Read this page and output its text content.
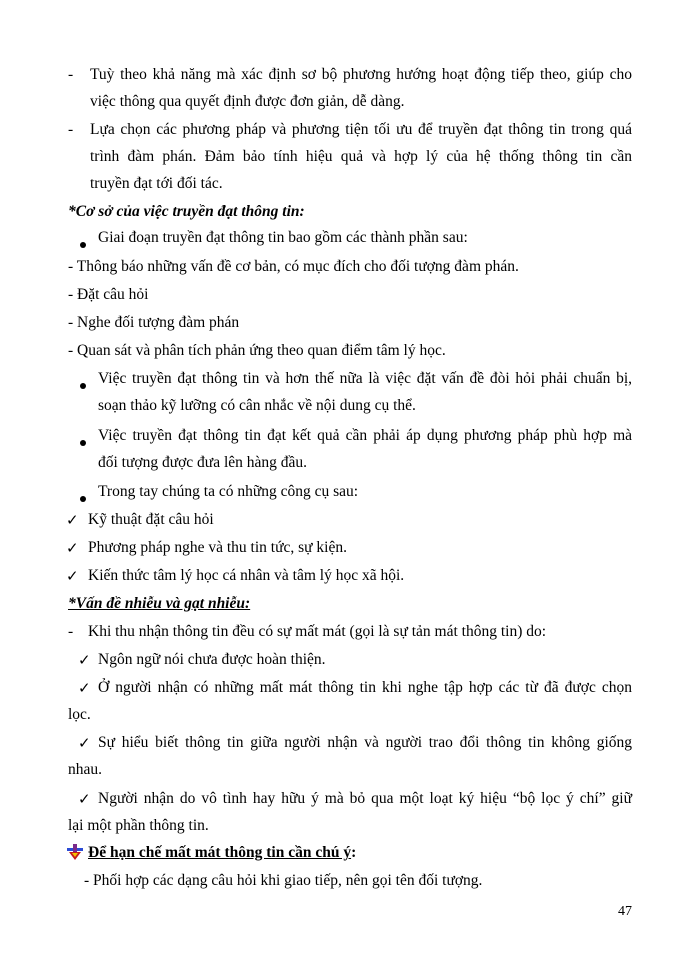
- Tuỳ theo khả năng mà xác định sơ bộ phương hướng hoạt động tiếp theo, giúp cho
việc thông qua quyết định được đơn giản, dễ dàng.
- Lựa chọn các phương pháp và phương tiện tối ưu để truyền đạt thông tin trong quá
trình đàm phán. Đảm bảo tính hiệu quả và hợp lý của hệ thống thông tin cần
truyền đạt tới đối tác.
*Cơ sở của việc truyền đạt thông tin:
Giai đoạn truyền đạt thông tin bao gồm các thành phần sau:
- Thông báo những vấn đề cơ bản, có mục đích cho đối tượng đàm phán.
- Đặt câu hỏi
- Nghe đối tượng đàm phán
- Quan sát và phân tích phản ứng theo quan điểm tâm lý học.
Việc truyền đạt thông tin và hơn thế nữa là việc đặt vấn đề đòi hỏi phải chuẩn bị,
soạn thảo kỹ lưỡng có cân nhắc về nội dung cụ thể.
Việc truyền đạt thông tin đạt kết quả cần phải áp dụng phương pháp phù hợp mà
đối tượng được đưa lên hàng đầu.
Trong tay chúng ta có những công cụ sau:
✓ Kỹ thuật đặt câu hỏi
✓ Phương pháp nghe và thu tin tức, sự kiện.
✓ Kiến thức tâm lý học cá nhân và tâm lý học xã hội.
*Vấn đề nhiễu và gạt nhiễu:
- Khi thu nhận thông tin đều có sự mất mát (gọi là sự tản mát thông tin) do:
✓ Ngôn ngữ nói chưa được hoàn thiện.
✓ Ở người nhận có những mất mát thông tin khi nghe tập hợp các từ đã được chọn
lọc.
✓ Sự hiểu biết thông tin giữa người nhận và người trao đổi thông tin không giống
nhau.
✓ Người nhận do vô tình hay hữu ý mà bỏ qua một loạt ký hiệu “bộ lọc ý chí” giữ
lại một phần thông tin.
Để hạn chế mất mát thông tin cần chú ý:
- Phối hợp các dạng câu hỏi khi giao tiếp, nên gọi tên đối tượng.
47
